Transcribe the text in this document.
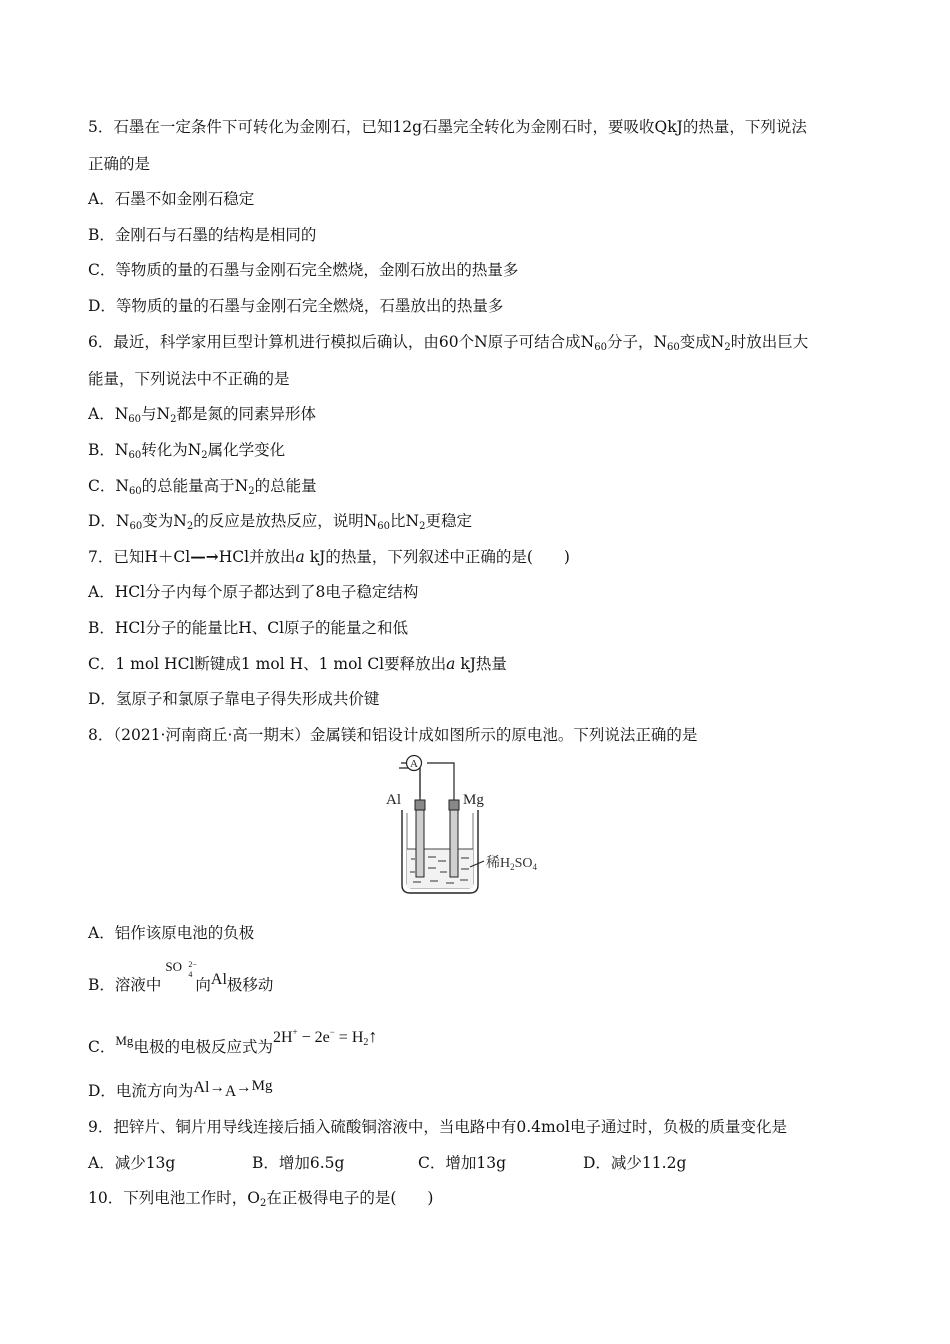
5．石墨在一定条件下可转化为金刚石，已知12g石墨完全转化为金刚石时，要吸收QkJ的热量，下列说法
正确的是
A．石墨不如金刚石稳定
B．金刚石与石墨的结构是相同的
C．等物质的量的石墨与金刚石完全燃烧，金刚石放出的热量多
D．等物质的量的石墨与金刚石完全燃烧，石墨放出的热量多
6．最近，科学家用巨型计算机进行模拟后确认，由60个N原子可结合成$N_{60}$分子，$N_{60}$变成$N_2$时放出巨大
能量，下列说法中不正确的是
A．$N_{60}$与$N_2$都是氮的同素异形体
B．$N_{60}$转化为$N_2$属化学变化
C．$N_{60}$的总能量高于$N_2$的总能量
D．$N_{60}$变为$N_2$的反应是放热反应，说明$N_{60}$比$N_2$更稳定
7．已知H＋Cl—→HCl并放出a kJ的热量，下列叙述中正确的是(　　)
A．HCl分子内每个原子都达到了8电子稳定结构
B．HCl分子的能量比H、Cl原子的能量之和低
C．1 mol HCl断键成1 mol H、1 mol Cl要释放出a kJ热量
D．氢原子和氯原子靠电子得失形成共价键
8．（2021·河南商丘·高一期末）金属镁和铝设计成如图所示的原电池。下列说法正确的是
A
Al	Mg
稀$H_2SO_4$
A．铝作该原电池的负极
B．溶液中
SO 2−
4
向Al极移动
C．$^{Mg}$电极的电极反应式为$2H^+ - 2e^- = H_2↑$
D．电流方向为Al→A→Mg
9．把锌片、铜片用导线连接后插入硫酸铜溶液中，当电路中有0.4mol电子通过时，负极的质量变化是
A．减少13g	B．增加6.5g	C．增加13g	D．减少11.2g
10．下列电池工作时，$O_2$在正极得电子的是(　　)
